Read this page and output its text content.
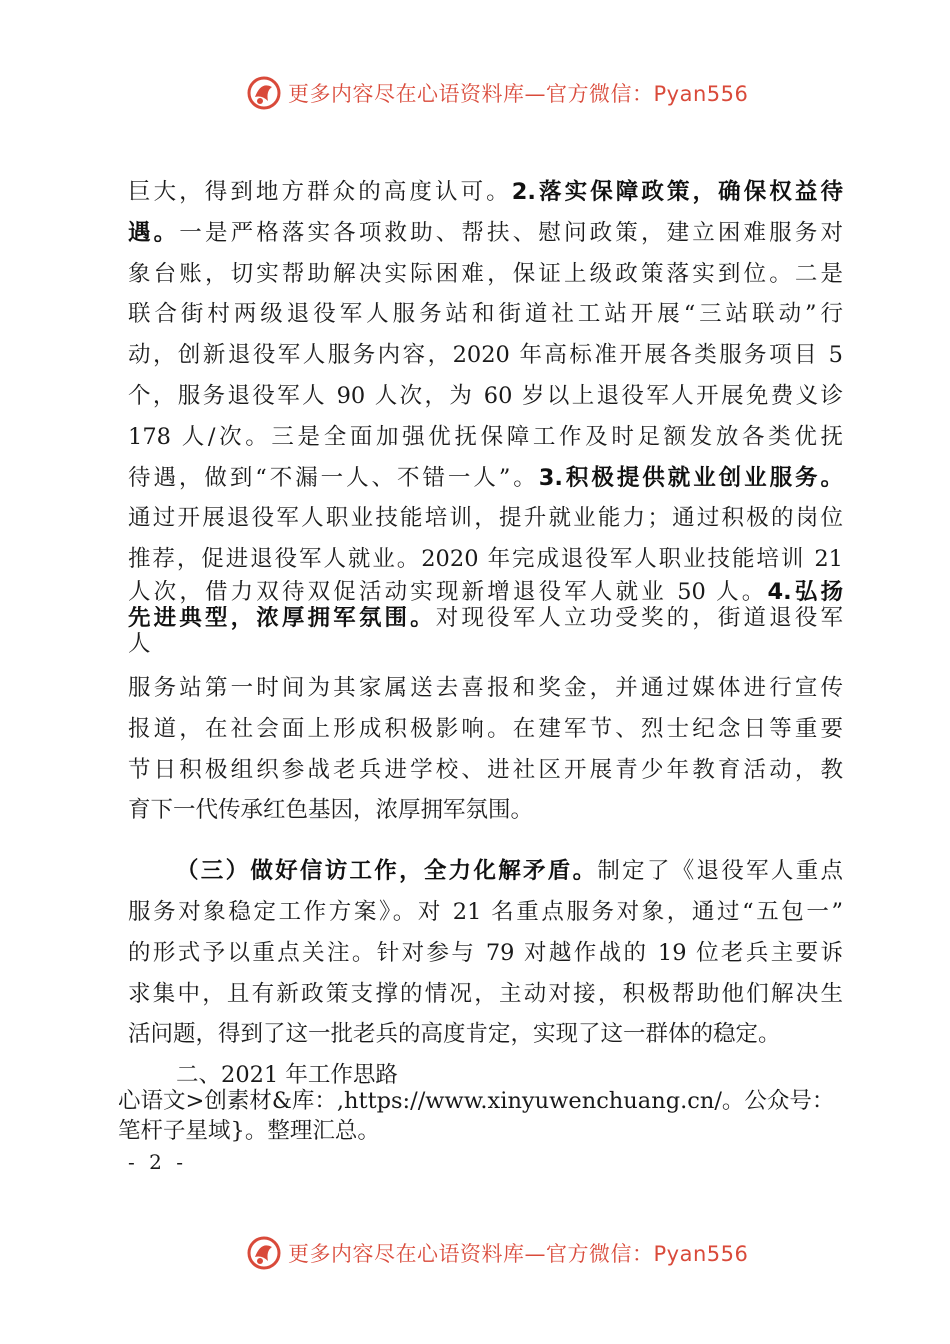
更多内容尽在心语资料库—官方微信：Pyan556
巨大，得到地方群众的高度认可。2.落实保障政策，确保权益待
遇。一是严格落实各项救助、帮扶、慰问政策，建立困难服务对
象台账，切实帮助解决实际困难，保证上级政策落实到位。二是
联合街村两级退役军人服务站和街道社工站开展“三站联动”行
动，创新退役军人服务内容，2020 年高标准开展各类服务项目 5
个，服务退役军人 90 人次，为 60 岁以上退役军人开展免费义诊
178 人/次。三是全面加强优抚保障工作及时足额发放各类优抚
待遇，做到“不漏一人、不错一人”。3.积极提供就业创业服务。
通过开展退役军人职业技能培训，提升就业能力；通过积极的岗位
推荐，促进退役军人就业。2020 年完成退役军人职业技能培训 21
人次，借力双待双促活动实现新增退役军人就业 50 人。4.弘扬
先进典型，浓厚拥军氛围。对现役军人立功受奖的，街道退役军
人
服务站第一时间为其家属送去喜报和奖金，并通过媒体进行宣传
报道，在社会面上形成积极影响。在建军节、烈士纪念日等重要
节日积极组织参战老兵进学校、进社区开展青少年教育活动，教
育下一代传承红色基因，浓厚拥军氛围。
（三）做好信访工作，全力化解矛盾。制定了《退役军人重点
服务对象稳定工作方案》。对 21 名重点服务对象，通过“五包一”
的形式予以重点关注。针对参与 79 对越作战的 19 位老兵主要诉
求集中，且有新政策支撑的情况，主动对接，积极帮助他们解决生
活问题，得到了这一批老兵的高度肯定，实现了这一群体的稳定。
二、2021 年工作思路
心语文>创素材&库：,https://www.xinyuwenchuang.cn/。公众号：
笔杆子星域}。整理汇总。
- 2 -
更多内容尽在心语资料库—官方微信：Pyan556
